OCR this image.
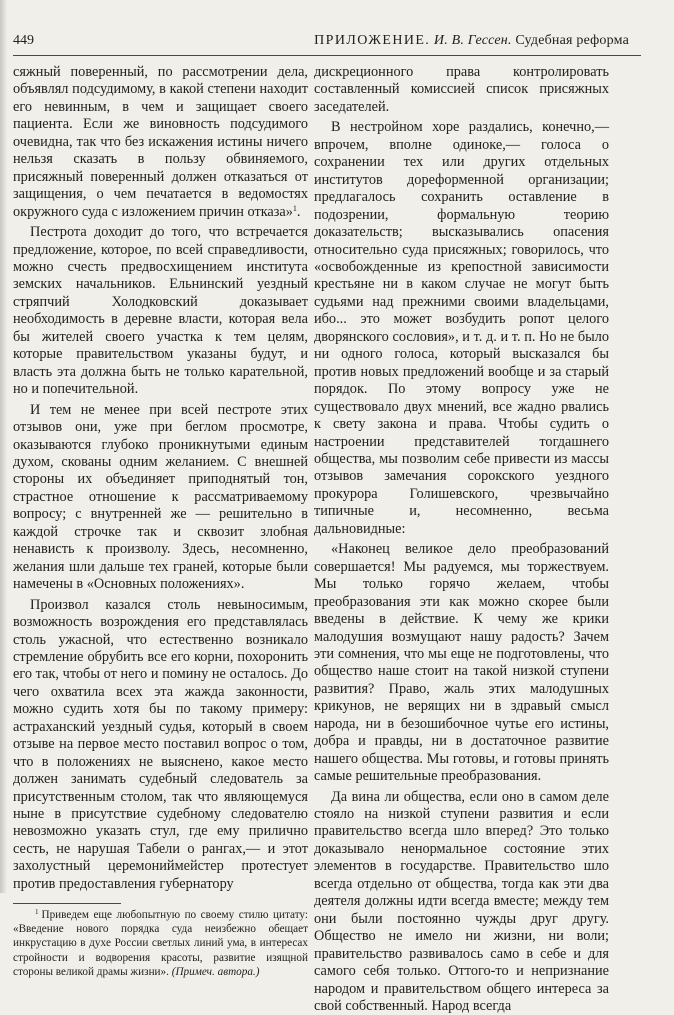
449	ПРИЛОЖЕНИЕ. И. В. Гессен. Судебная реформа

сяжный поверенный, по рассмотрении дела, объявлял подсудимому, в какой степени находит его невинным, в чем и защищает своего пациента. Если же виновность подсудимого очевидна, так что без искажения истины ничего нельзя сказать в пользу обвиняемого, присяжный поверенный должен отказаться от защищения, о чем печатается в ведомостях окружного суда с изложением причин отказа»$^1$.

Пестрота доходит до того, что встречается предложение, которое, по всей справедливости, можно счесть предвосхищением института земских начальников. Ельнинский уездный стряпчий Холодковский доказывает необходимость в деревне власти, которая вела бы жителей своего участка к тем целям, которые правительством указаны будут, и власть эта должна быть не только карательной, но и попечительной.

И тем не менее при всей пестроте этих отзывов они, уже при беглом просмотре, оказываются глубоко проникнутыми единым духом, скованы одним желанием. С внешней стороны их объединяет приподнятый тон, страстное отношение к рассматриваемому вопросу; с внутренней же — решительно в каждой строчке так и сквозит злобная ненависть к произволу. Здесь, несомненно, желания шли дальше тех граней, которые были намечены в «Основных положениях».

Произвол казался столь невыносимым, возможность возрождения его представлялась столь ужасной, что естественно возникало стремление обрубить все его корни, похоронить его так, чтобы от него и помину не осталось. До чего охватила всех эта жажда законности, можно судить хотя бы по такому примеру: астраханский уездный судья, который в своем отзыве на первое место поставил вопрос о том, что в положениях не выяснено, какое место должен занимать судебный следователь за присутственным столом, так что являющемуся ныне в присутствие судебному следователю невозможно указать стул, где ему прилично сесть, не нарушая Табели о рангах,— и этот захолустный церемониймейстер протестует против предоставления губернатору

$^1$ Приведем еще любопытную по своему стилю цитату: «Введение нового порядка суда неизбежно обещает инкрустацию в дуxe России светлых линий ума, в интересах стройности и водворения красоты, развитие изящной стороны великой драмы жизни». (Примеч. автора.)

дискреционного права контролировать составленный комиссией список присяжных заседателей.

В нестройном хоре раздались, конечно,— впрочем, вполне одиноке,— голоса о сохранении тех или других отдельных институтов дореформенной организации; предлагалось сохранить оставление в подозрении, формальную теорию доказательств; высказывались опасения относительно суда присяжных; говорилось, что «освобожденные из крепостной зависимости крестьяне ни в каком случае не могут быть судьями над прежними своими владельцами, ибо... это может возбудить ропот целого дворянского сословия», и т. д. и т. п. Но не было ни одного голоса, который высказался бы против новых предложений вообще и за старый порядок. По этому вопросу уже не существовало двух мнений, все жадно рвались к свету закона и права. Чтобы судить о настроении представителей тогдашнего общества, мы позволим себе привести из массы отзывов замечания сорокского уездного прокурора Голишевского, чрезвычайно типичные и, несомненно, весьма дальновидные:

«Наконец великое дело преобразований совершается! Мы радуемся, мы торжествуем. Мы только горячо желаем, чтобы преобразования эти как можно скорее были введены в действие. К чему же крики малодушия возмущают нашу радость? Зачем эти сомнения, что мы еще не подготовлены, что общество наше стоит на такой низкой ступени развития? Право, жаль этих малодушных крикунов, не верящих ни в здравый смысл народа, ни в безошибочное чутье его истины, добра и правды, ни в достаточное развитие нашего общества. Мы готовы, и готовы принять самые решительные преобразования.

Да вина ли общества, если оно в самом деле стояло на низкой ступени развития и если правительство всегда шло вперед? Это только доказывало ненормальное состояние этих элементов в государстве. Правительство шло всегда отдельно от общества, тогда как эти два деятеля должны идти всегда вместе; между тем они были постоянно чужды друг другу. Общество не имело ни жизни, ни воли; правительство развивалось само в себе и для самого себя только. Оттого-то и непризнание народом и правительством общего интереса за свой собственный. Народ всегда
